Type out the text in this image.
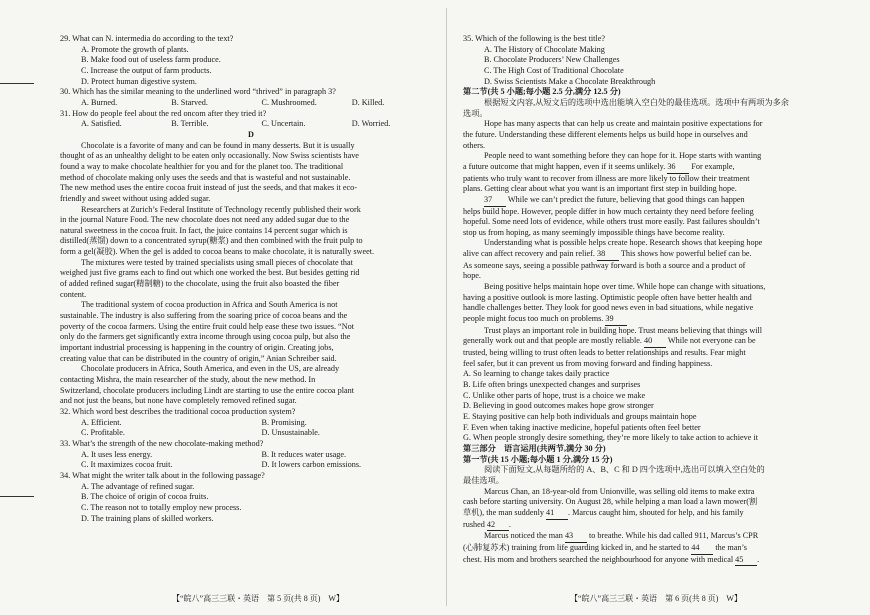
29. What can N. intermedia do according to the text?
A. Promote the growth of plants.
B. Make food out of useless farm produce.
C. Increase the output of farm products.
D. Protect human digestive system.
30. Which has the similar meaning to the underlined word “thrived” in paragraph 3?
A. Burned.	B. Starved.	C. Mushroomed.	D. Killed.
31. How do people feel about the red oncom after they tried it?
A. Satisfied.	B. Terrible.	C. Uncertain.	D. Worried.
D
Chocolate is a favorite of many and can be found in many desserts. But it is usually
thought of as an unhealthy delight to be eaten only occasionally. Now Swiss scientists have
found a way to make chocolate healthier for you and for the planet too. The traditional
method of chocolate making only uses the seeds and that is wasteful and not sustainable.
The new method uses the entire cocoa fruit instead of just the seeds, and that makes it eco-
friendly and sweet without using added sugar.
Researchers at Zurich’s Federal Institute of Technology recently published their work
in the journal Nature Food. The new chocolate does not need any added sugar due to the
natural sweetness in the cocoa fruit. In fact, the juice contains 14 percent sugar which is
distilled(蒸馏) down to a concentrated syrup(糖浆) and then combined with the fruit pulp to
form a gel(凝胶). When the gel is added to cocoa beans to make chocolate, it is naturally sweet.
The mixtures were tested by trained specialists using small pieces of chocolate that
weighed just five grams each to find out which one worked the best. But besides getting rid
of added refined sugar(精制糖) to the chocolate, using the fruit also boasted the fiber
content.
The traditional system of cocoa production in Africa and South America is not
sustainable. The industry is also suffering from the soaring price of cocoa beans and the
poverty of the cocoa farmers. Using the entire fruit could help ease these two issues. “Not
only do the farmers get significantly extra income through using cocoa pulp, but also the
important industrial processing is happening in the country of origin. Creating jobs,
creating value that can be distributed in the country of origin,” Anian Schreiber said.
Chocolate producers in Africa, South America, and even in the US, are already
contacting Mishra, the main researcher of the study, about the new method. In
Switzerland, chocolate producers including Lindt are starting to use the entire cocoa plant
and not just the beans, but none have completely removed refined sugar.
32. Which word best describes the traditional cocoa production system?
A. Efficient.	B. Promising.
C. Profitable.	D. Unsustainable.
33. What’s the strength of the new chocolate-making method?
A. It uses less energy.	B. It reduces water usage.
C. It maximizes cocoa fruit.	D. It lowers carbon emissions.
34. What might the writer talk about in the following passage?
A. The advantage of refined sugar.
B. The choice of origin of cocoa fruits.
C. The reason not to totally employ new process.
D. The training plans of skilled workers.
35. Which of the following is the best title?
A. The History of Chocolate Making
B. Chocolate Producers’ New Challenges
C. The High Cost of Traditional Chocolate
D. Swiss Scientists Make a Chocolate Breakthrough
第二节(共 5 小题;每小题 2.5 分,满分 12.5 分)
根据短文内容,从短文后的选项中选出能填入空白处的最佳选项。选项中有两项为多余
选项。
Hope has many aspects that can help us create and maintain positive expectations for
the future. Understanding these different elements helps us build hope in ourselves and
others.
People need to want something before they can hope for it. Hope starts with wanting
a future outcome that might happen, even if it seems unlikely. 36 For example,
patients who truly want to recover from illness are more likely to follow their treatment
plans. Getting clear about what you want is an important first step in building hope.
37 While we can’t predict the future, believing that good things can happen
helps build hope. However, people differ in how much certainty they need before feeling
hopeful. Some need lots of evidence, while others trust more easily. Past failures shouldn’t
stop us from hoping, as many seemingly impossible things have become reality.
Understanding what is possible helps create hope. Research shows that keeping hope
alive can affect recovery and pain relief. 38 This shows how powerful belief can be.
As someone says, seeing a possible pathway forward is both a source and a product of
hope.
Being positive helps maintain hope over time. While hope can change with situations,
having a positive outlook is more lasting. Optimistic people often have better health and
handle challenges better. They look for good news even in bad situations, while negative
people might focus too much on problems. 39
Trust plays an important role in building hope. Trust means believing that things will
generally work out and that people are mostly reliable. 40 While not everyone can be
trusted, being willing to trust often leads to better relationships and results. Fear might
feel safer, but it can prevent us from moving forward and finding happiness.
A. So learning to change takes daily practice
B. Life often brings unexpected changes and surprises
C. Unlike other parts of hope, trust is a choice we make
D. Believing in good outcomes makes hope grow stronger
E. Staying positive can help both individuals and groups maintain hope
F. Even when taking inactive medicine, hopeful patients often feel better
G. When people strongly desire something, they’re more likely to take action to achieve it
第三部分　语言运用(共两节,满分 30 分)
第一节(共 15 小题;每小题 1 分,满分 15 分)
阅读下面短文,从每题所给的 A、B、C 和 D 四个选项中,选出可以填入空白处的
最佳选项。
Marcus Chan, an 18-year-old from Unionville, was selling old items to make extra
cash before starting university. On August 28, while helping a man load a lawn mower(割
草机), the man suddenly 41 . Marcus caught him, shouted for help, and his family
rushed 42 .
Marcus noticed the man 43 to breathe. While his dad called 911, Marcus’s CPR
(心肺复苏术) training from life guarding kicked in, and he started to 44 the man’s
chest. His mom and brothers searched the neighbourhood for anyone with medical 45 .
【“皖八”高三三联・英语　第 5 页(共 8 页)　W】	【“皖八”高三三联・英语　第 6 页(共 8 页)　W】
